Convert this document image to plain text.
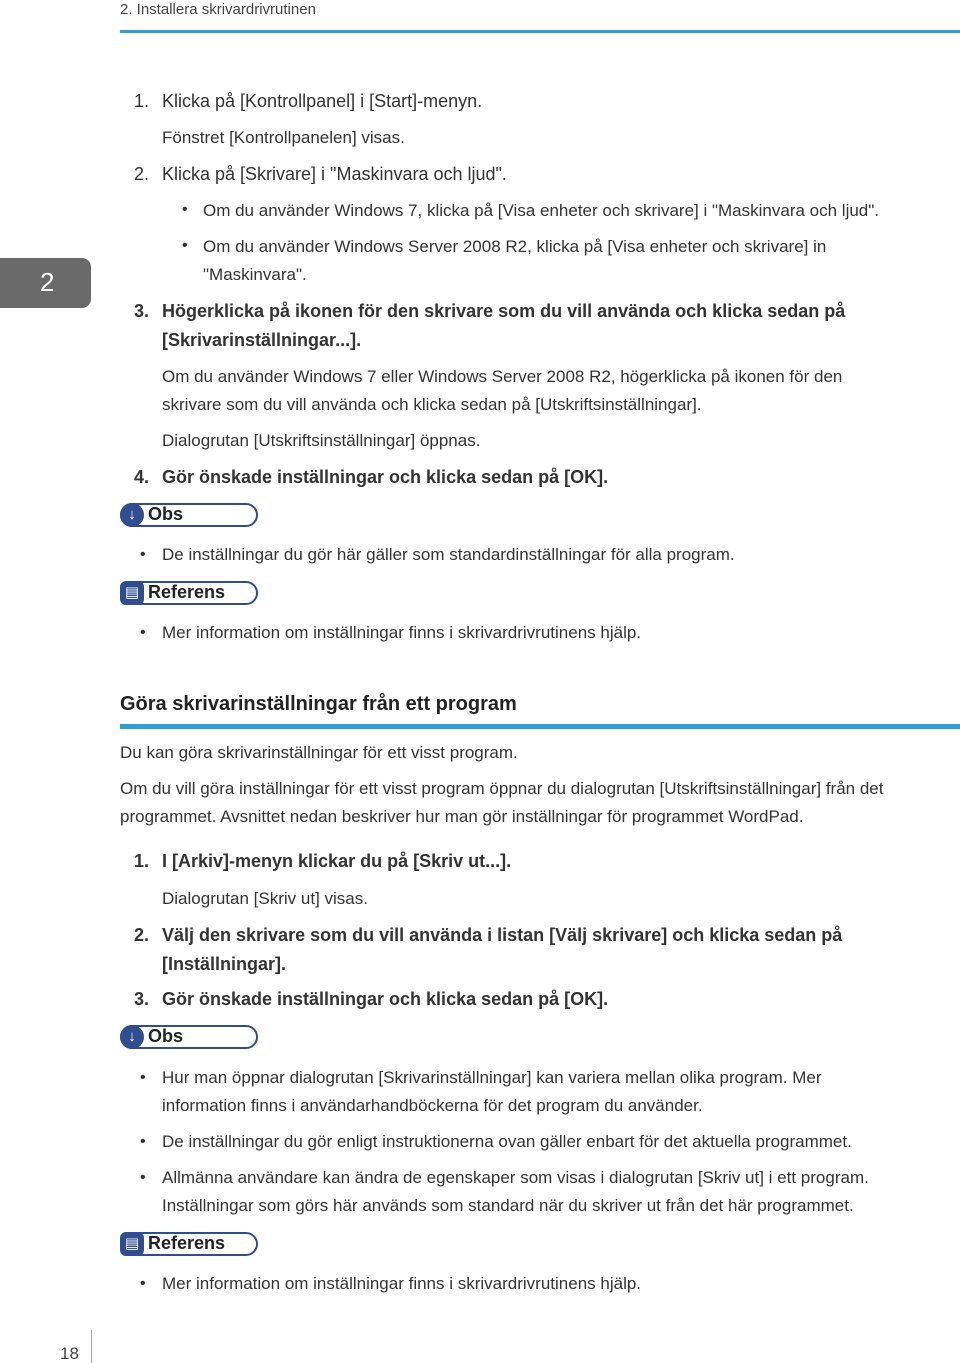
2. Installera skrivardrivrutinen
2
1. Klicka på [Kontrollpanel] i [Start]-menyn.
Fönstret [Kontrollpanelen] visas.
2. Klicka på [Skrivare] i "Maskinvara och ljud".
• Om du använder Windows 7, klicka på [Visa enheter och skrivare] i "Maskinvara och ljud".
• Om du använder Windows Server 2008 R2, klicka på [Visa enheter och skrivare] in
"Maskinvara".
3. Högerklicka på ikonen för den skrivare som du vill använda och klicka sedan på
[Skrivarinställningar...].
Om du använder Windows 7 eller Windows Server 2008 R2, högerklicka på ikonen för den
skrivare som du vill använda och klicka sedan på [Utskriftsinställningar].
Dialogrutan [Utskriftsinställningar] öppnas.
4. Gör önskade inställningar och klicka sedan på [OK].
↓ Obs
• De inställningar du gör här gäller som standardinställningar för alla program.
▤ Referens
• Mer information om inställningar finns i skrivardrivrutinens hjälp.
Göra skrivarinställningar från ett program
Du kan göra skrivarinställningar för ett visst program.
Om du vill göra inställningar för ett visst program öppnar du dialogrutan [Utskriftsinställningar] från det
programmet. Avsnittet nedan beskriver hur man gör inställningar för programmet WordPad.
1. I [Arkiv]-menyn klickar du på [Skriv ut...].
Dialogrutan [Skriv ut] visas.
2. Välj den skrivare som du vill använda i listan [Välj skrivare] och klicka sedan på
[Inställningar].
3. Gör önskade inställningar och klicka sedan på [OK].
↓ Obs
• Hur man öppnar dialogrutan [Skrivarinställningar] kan variera mellan olika program. Mer
information finns i användarhandböckerna för det program du använder.
• De inställningar du gör enligt instruktionerna ovan gäller enbart för det aktuella programmet.
• Allmänna användare kan ändra de egenskaper som visas i dialogrutan [Skriv ut] i ett program.
Inställningar som görs här används som standard när du skriver ut från det här programmet.
▤ Referens
• Mer information om inställningar finns i skrivardrivrutinens hjälp.
18
